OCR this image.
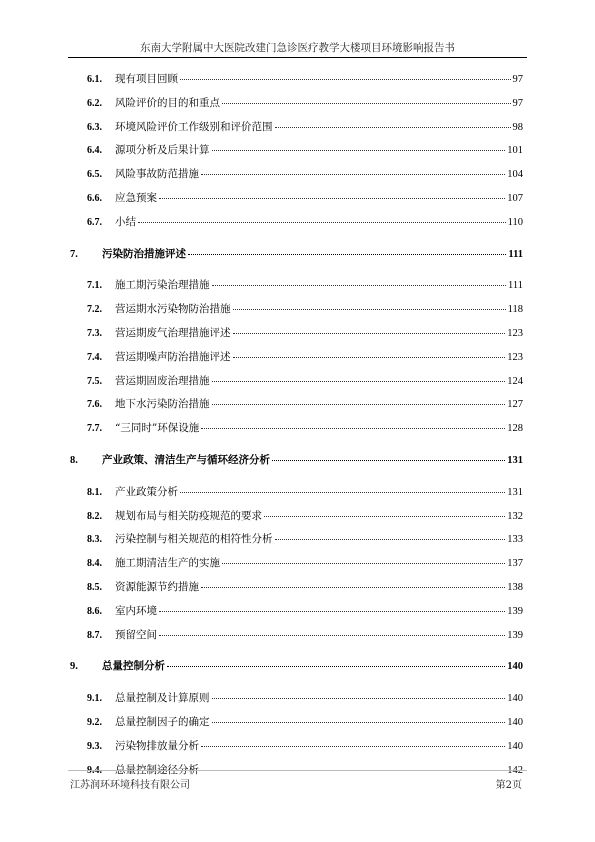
东南大学附属中大医院改建门急诊医疗教学大楼项目环境影响报告书
6.1.	现有项目回顾	97
6.2.	风险评价的目的和重点	97
6.3.	环境风险评价工作级别和评价范围	98
6.4.	源项分析及后果计算	101
6.5.	风险事故防范措施	104
6.6.	应急预案	107
6.7.	小结	110
7.	污染防治措施评述	111
7.1.	施工期污染治理措施	111
7.2.	营运期水污染物防治措施	118
7.3.	营运期废气治理措施评述	123
7.4.	营运期噪声防治措施评述	123
7.5.	营运期固废治理措施	124
7.6.	地下水污染防治措施	127
7.7.	“三同时”环保设施	128
8.	产业政策、清洁生产与循环经济分析	131
8.1.	产业政策分析	131
8.2.	规划布局与相关防疫规范的要求	132
8.3.	污染控制与相关规范的相符性分析	133
8.4.	施工期清洁生产的实施	137
8.5.	资源能源节约措施	138
8.6.	室内环境	139
8.7.	预留空间	139
9.	总量控制分析	140
9.1.	总量控制及计算原则	140
9.2.	总量控制因子的确定	140
9.3.	污染物排放量分析	140
9.4.	总量控制途径分析	142
江苏润环环境科技有限公司	第2页
